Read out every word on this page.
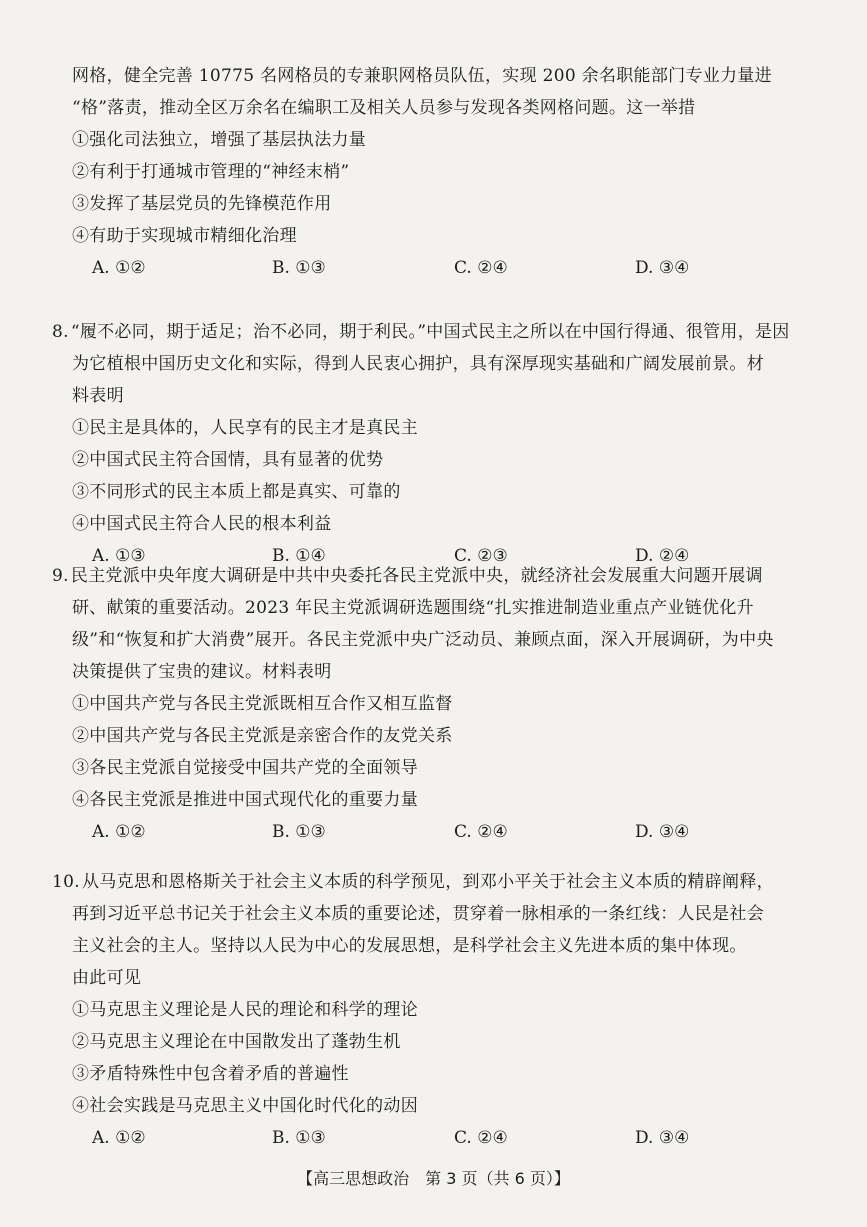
网格，健全完善 10775 名网格员的专兼职网格员队伍，实现 200 余名职能部门专业力量进
“格”落责，推动全区万余名在编职工及相关人员参与发现各类网格问题。这一举措
①强化司法独立，增强了基层执法力量
②有利于打通城市管理的“神经末梢”
③发挥了基层党员的先锋模范作用
④有助于实现城市精细化治理
A. ①②	B. ①③	C. ②④	D. ③④
8. “履不必同，期于适足；治不必同，期于利民。”中国式民主之所以在中国行得通、很管用，是因
为它植根中国历史文化和实际，得到人民衷心拥护，具有深厚现实基础和广阔发展前景。材
料表明
①民主是具体的，人民享有的民主才是真民主
②中国式民主符合国情，具有显著的优势
③不同形式的民主本质上都是真实、可靠的
④中国式民主符合人民的根本利益
A. ①③	B. ①④	C. ②③	D. ②④
9. 民主党派中央年度大调研是中共中央委托各民主党派中央，就经济社会发展重大问题开展调
研、献策的重要活动。2023 年民主党派调研选题围绕“扎实推进制造业重点产业链优化升
级”和“恢复和扩大消费”展开。各民主党派中央广泛动员、兼顾点面，深入开展调研，为中央
决策提供了宝贵的建议。材料表明
①中国共产党与各民主党派既相互合作又相互监督
②中国共产党与各民主党派是亲密合作的友党关系
③各民主党派自觉接受中国共产党的全面领导
④各民主党派是推进中国式现代化的重要力量
A. ①②	B. ①③	C. ②④	D. ③④
10. 从马克思和恩格斯关于社会主义本质的科学预见，到邓小平关于社会主义本质的精辟阐释，
再到习近平总书记关于社会主义本质的重要论述，贯穿着一脉相承的一条红线：人民是社会
主义社会的主人。坚持以人民为中心的发展思想，是科学社会主义先进本质的集中体现。
由此可见
①马克思主义理论是人民的理论和科学的理论
②马克思主义理论在中国散发出了蓬勃生机
③矛盾特殊性中包含着矛盾的普遍性
④社会实践是马克思主义中国化时代化的动因
A. ①②	B. ①③	C. ②④	D. ③④
【高三思想政治　第 3 页（共 6 页）】
